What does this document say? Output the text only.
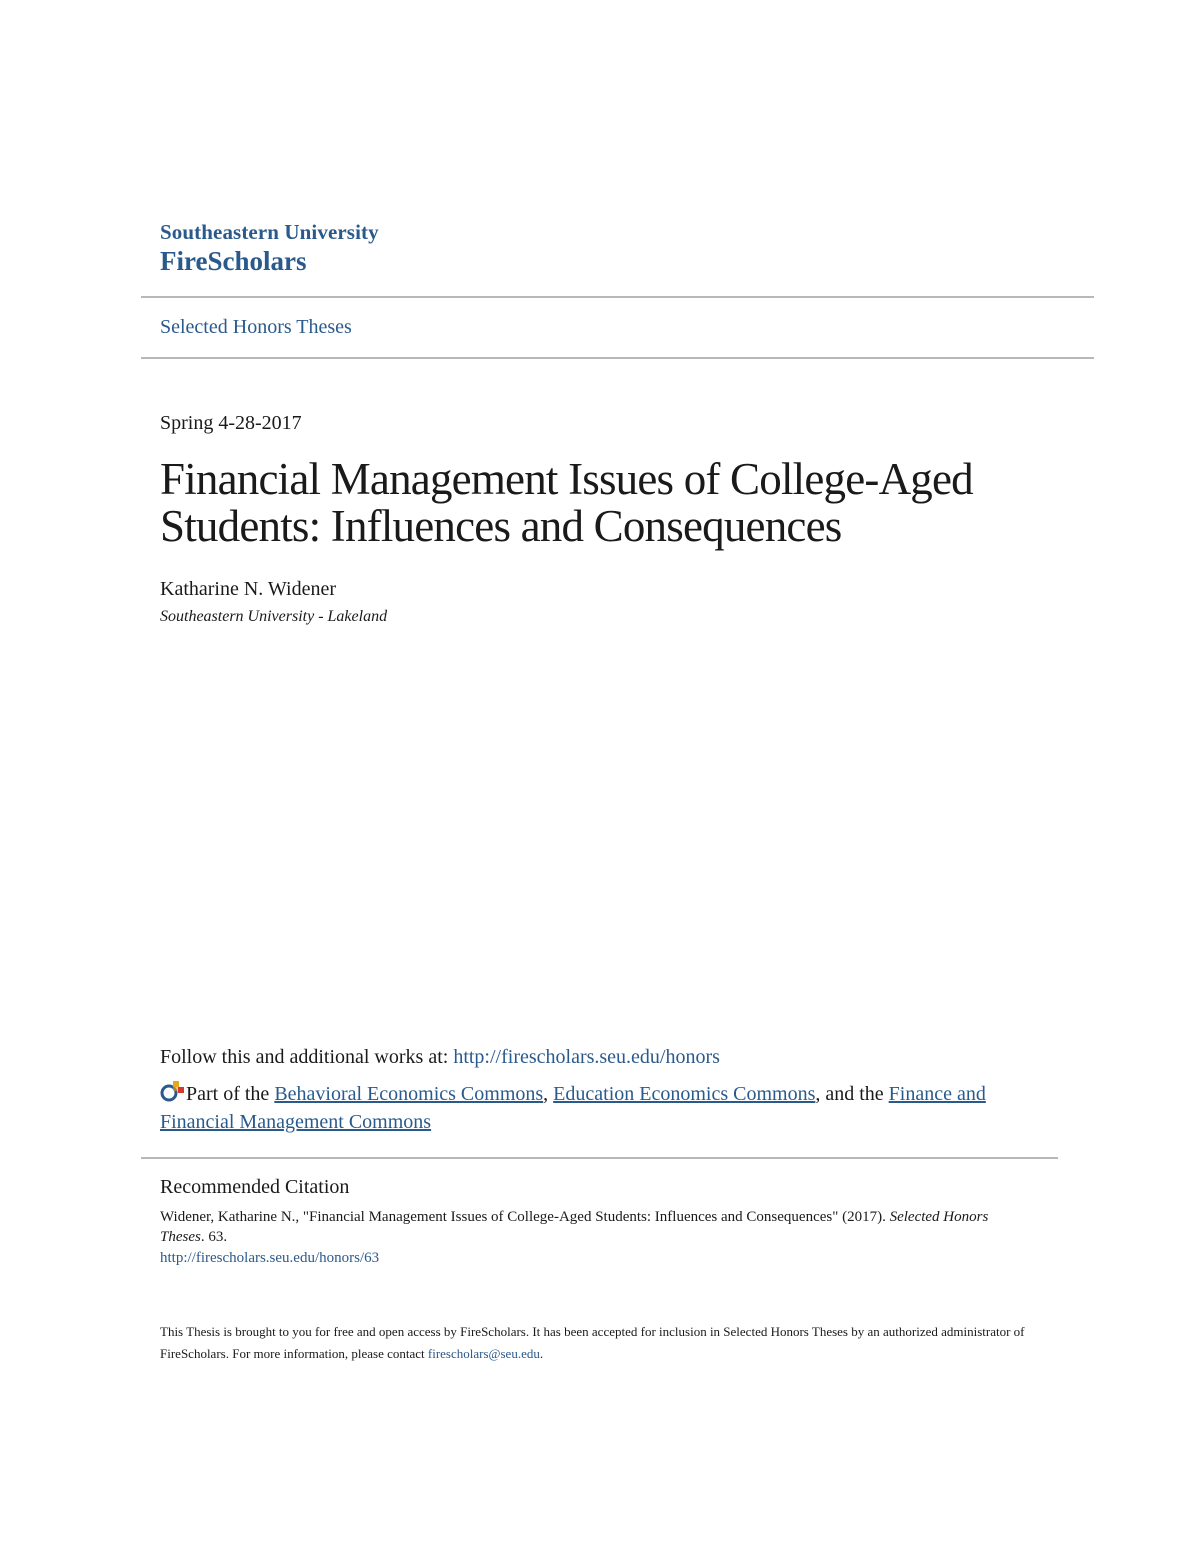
Southeastern University
FireScholars
Selected Honors Theses
Spring 4-28-2017
Financial Management Issues of College-Aged Students: Influences and Consequences
Katharine N. Widener
Southeastern University - Lakeland
Follow this and additional works at: http://firescholars.seu.edu/honors
Part of the Behavioral Economics Commons, Education Economics Commons, and the Finance and Financial Management Commons
Recommended Citation
Widener, Katharine N., "Financial Management Issues of College-Aged Students: Influences and Consequences" (2017). Selected Honors Theses. 63.
http://firescholars.seu.edu/honors/63
This Thesis is brought to you for free and open access by FireScholars. It has been accepted for inclusion in Selected Honors Theses by an authorized administrator of FireScholars. For more information, please contact firescholars@seu.edu.
